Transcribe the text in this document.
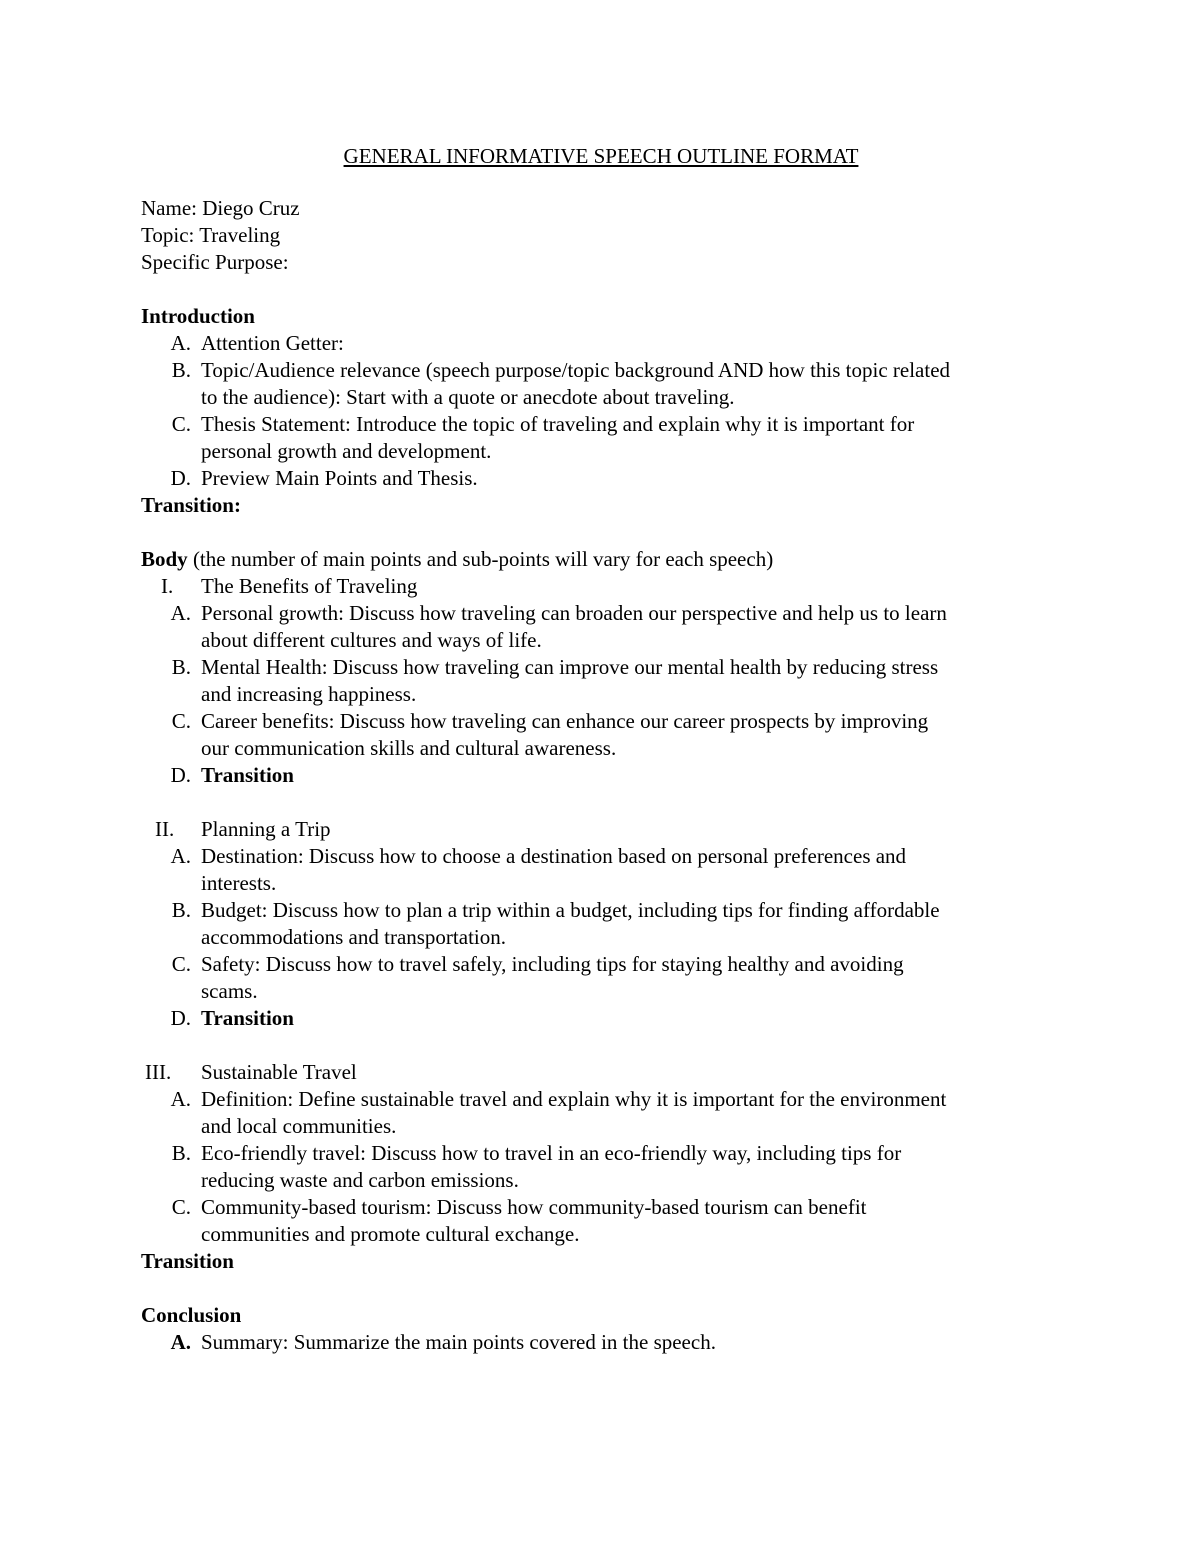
GENERAL INFORMATIVE SPEECH OUTLINE FORMAT
Name: Diego Cruz
Topic: Traveling
Specific Purpose:
Introduction
A. Attention Getter:
B. Topic/Audience relevance (speech purpose/topic background AND how this topic related
to the audience): Start with a quote or anecdote about traveling.
C. Thesis Statement: Introduce the topic of traveling and explain why it is important for
personal growth and development.
D. Preview Main Points and Thesis.
Transition:
Body (the number of main points and sub-points will vary for each speech)
I.	The Benefits of Traveling
A. Personal growth: Discuss how traveling can broaden our perspective and help us to learn
about different cultures and ways of life.
B. Mental Health: Discuss how traveling can improve our mental health by reducing stress
and increasing happiness.
C. Career benefits: Discuss how traveling can enhance our career prospects by improving
our communication skills and cultural awareness.
D. Transition
II.	Planning a Trip
A. Destination: Discuss how to choose a destination based on personal preferences and
interests.
B. Budget: Discuss how to plan a trip within a budget, including tips for finding affordable
accommodations and transportation.
C. Safety: Discuss how to travel safely, including tips for staying healthy and avoiding
scams.
D. Transition
III.	Sustainable Travel
A. Definition: Define sustainable travel and explain why it is important for the environment
and local communities.
B. Eco-friendly travel: Discuss how to travel in an eco-friendly way, including tips for
reducing waste and carbon emissions.
C. Community-based tourism: Discuss how community-based tourism can benefit
communities and promote cultural exchange.
Transition
Conclusion
A. Summary: Summarize the main points covered in the speech.
